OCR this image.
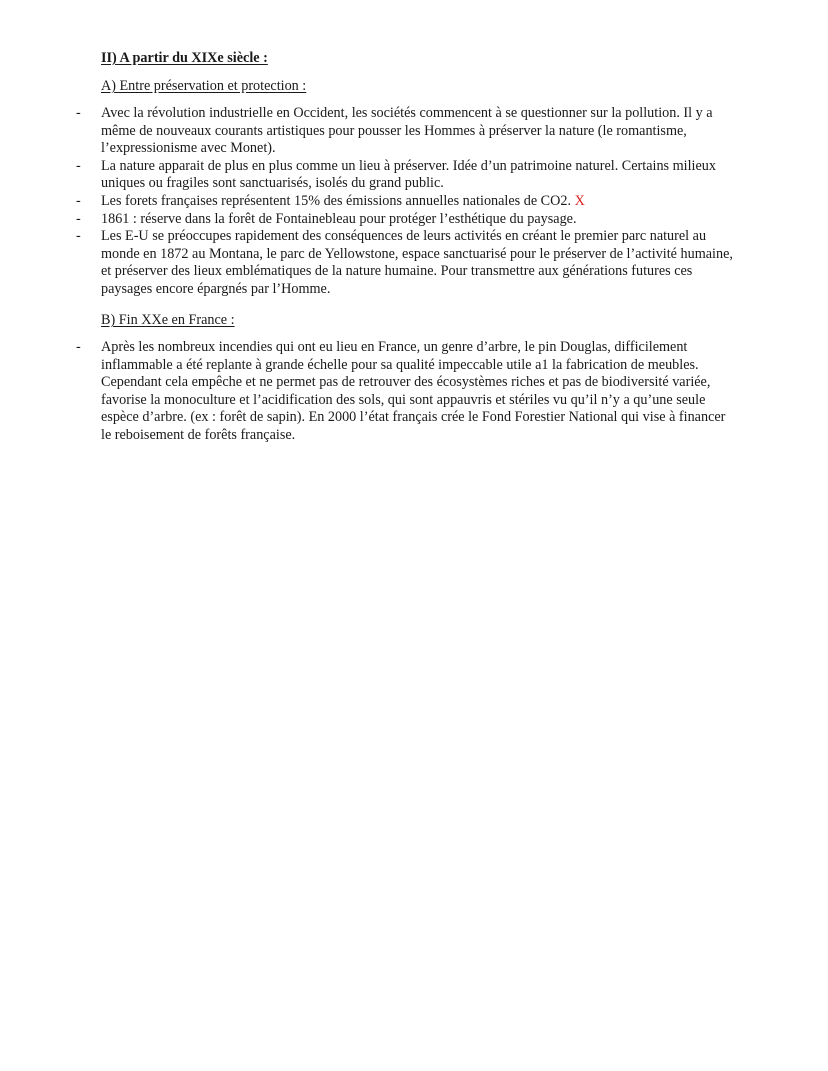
II) A partir du XIXe siècle :
A) Entre préservation et protection :
- Avec la révolution industrielle en Occident, les sociétés commencent à se questionner sur la pollution. Il y a même de nouveaux courants artistiques pour pousser les Hommes à préserver la nature (le romantisme, l’expressionisme avec Monet).
- La nature apparait de plus en plus comme un lieu à préserver. Idée d’un patrimoine naturel. Certains milieux uniques ou fragiles sont sanctuarisés, isolés du grand public.
- Les forets françaises représentent 15% des émissions annuelles nationales de CO2. X
- 1861 : réserve dans la forêt de Fontainebleau pour protéger l’esthétique du paysage.
- Les E-U se préoccupes rapidement des conséquences de leurs activités en créant le premier parc naturel au monde en 1872 au Montana, le parc de Yellowstone, espace sanctuarisé pour le préserver de l’activité humaine, et préserver des lieux emblématiques de la nature humaine. Pour transmettre aux générations futures ces paysages encore épargnés par l’Homme.
B) Fin XXe en France :
- Après les nombreux incendies qui ont eu lieu en France, un genre d’arbre, le pin Douglas, difficilement inflammable a été replante à grande échelle pour sa qualité impeccable utile a1 la fabrication de meubles. Cependant cela empêche et ne permet pas de retrouver des écosystèmes riches et pas de biodiversité variée, favorise la monoculture et l’acidification des sols, qui sont appauvris et stériles vu qu’il n’y a qu’une seule espèce d’arbre. (ex : forêt de sapin). En 2000 l’état français crée le Fond Forestier National qui vise à financer le reboisement de forêts française.
